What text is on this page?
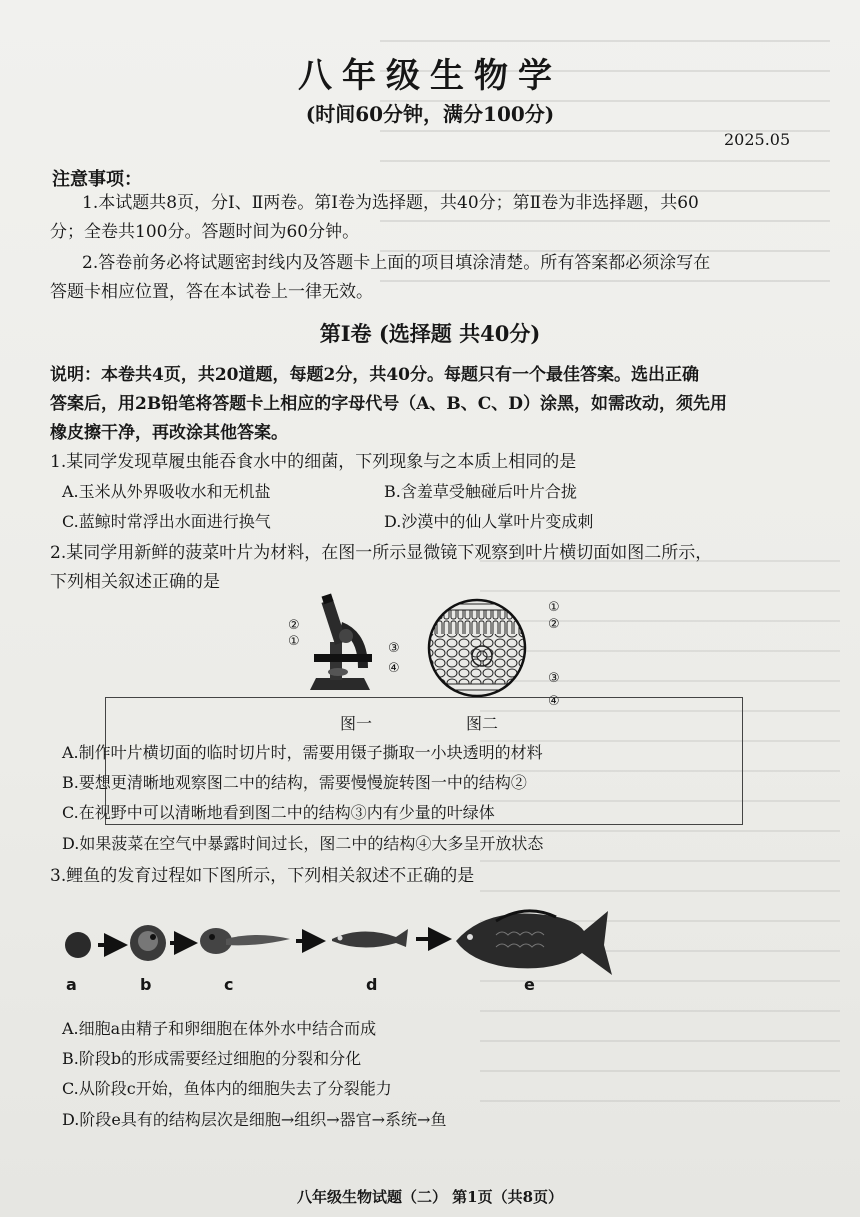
八年级生物学
(时间60分钟，满分100分)
2025.05
注意事项：
1.本试题共8页，分Ⅰ、Ⅱ两卷。第Ⅰ卷为选择题，共40分；第Ⅱ卷为非选择题，共60
分；全卷共100分。答题时间为60分钟。
2.答卷前务必将试题密封线内及答题卡上面的项目填涂清楚。所有答案都必须涂写在
答题卡相应位置，答在本试卷上一律无效。
第Ⅰ卷 (选择题 共40分)
说明：本卷共4页，共20道题，每题2分，共40分。每题只有一个最佳答案。选出正确
答案后，用2B铅笔将答题卡上相应的字母代号（A、B、C、D）涂黑，如需改动，须先用
橡皮擦干净，再改涂其他答案。
1.某同学发现草履虫能吞食水中的细菌，下列现象与之本质上相同的是
A.玉米从外界吸收水和无机盐	B.含羞草受触碰后叶片合拢
C.蓝鲸时常浮出水面进行换气	D.沙漠中的仙人掌叶片变成刺
2.某同学用新鲜的菠菜叶片为材料，在图一所示显微镜下观察到叶片横切面如图二所示，
下列相关叙述正确的是
②
①	③
④
①
②
③
④
图一	图二
A.制作叶片横切面的临时切片时，需要用镊子撕取一小块透明的材料
B.要想更清晰地观察图二中的结构，需要慢慢旋转图一中的结构②
C.在视野中可以清晰地看到图二中的结构③内有少量的叶绿体
D.如果菠菜在空气中暴露时间过长，图二中的结构④大多呈开放状态
3.鲤鱼的发育过程如下图所示，下列相关叙述不正确的是
a	b	c	d	e
A.细胞a由精子和卵细胞在体外水中结合而成
B.阶段b的形成需要经过细胞的分裂和分化
C.从阶段c开始，鱼体内的细胞失去了分裂能力
D.阶段e具有的结构层次是细胞→组织→器官→系统→鱼
八年级生物试题（二） 第1页（共8页）
